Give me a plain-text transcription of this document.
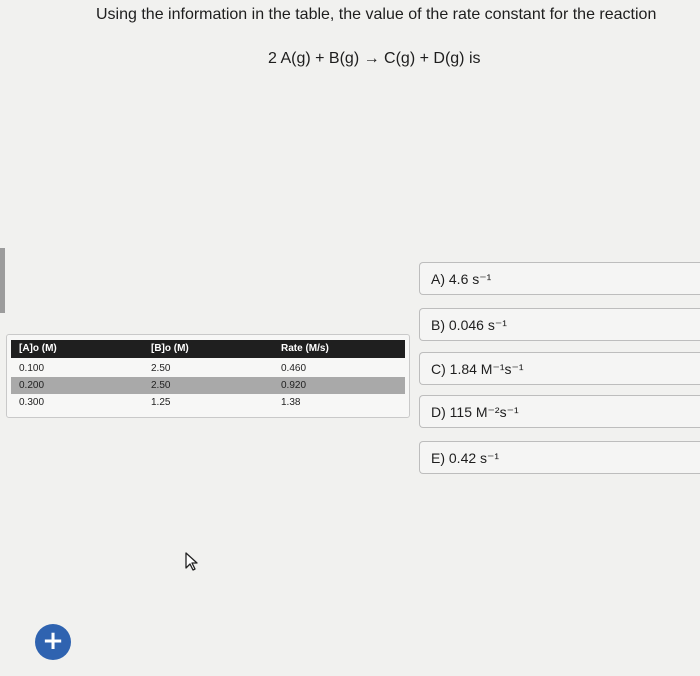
Using the information in the table, the value of the rate constant for the reaction
2 A(g) + B(g) → C(g) + D(g) is
[A]o (M)	[B]o (M)	Rate (M/s)
0.100	2.50	0.460
0.200	2.50	0.920
0.300	1.25	1.38
A) 4.6 s⁻¹
B) 0.046 s⁻¹
C) 1.84 M⁻¹s⁻¹
D) 115 M⁻²s⁻¹
E) 0.42 s⁻¹
+
